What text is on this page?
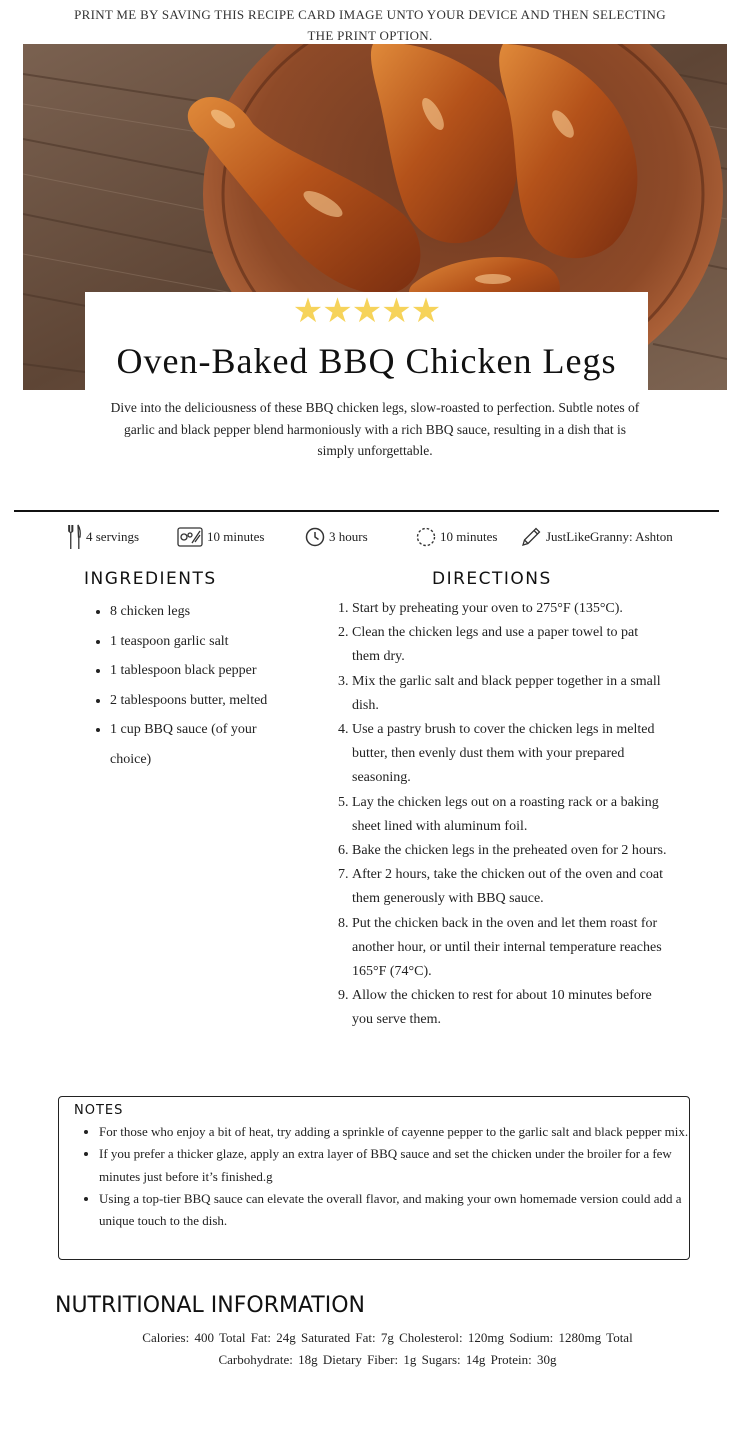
PRINT ME BY SAVING THIS RECIPE CARD IMAGE UNTO YOUR DEVICE AND THEN SELECTING THE PRINT OPTION.
★★★★★
Oven-Baked BBQ Chicken Legs
Dive into the deliciousness of these BBQ chicken legs, slow-roasted to perfection. Subtle notes of garlic and black pepper blend harmoniously with a rich BBQ sauce, resulting in a dish that is simply unforgettable.
4 servings	10 minutes	3 hours	10 minutes	JustLikeGranny: Ashton
INGREDIENTS
• 8 chicken legs
• 1 teaspoon garlic salt
• 1 tablespoon black pepper
• 2 tablespoons butter, melted
• 1 cup BBQ sauce (of your choice)
DIRECTIONS
1. Start by preheating your oven to 275°F (135°C).
2. Clean the chicken legs and use a paper towel to pat them dry.
3. Mix the garlic salt and black pepper together in a small dish.
4. Use a pastry brush to cover the chicken legs in melted butter, then evenly dust them with your prepared seasoning.
5. Lay the chicken legs out on a roasting rack or a baking sheet lined with aluminum foil.
6. Bake the chicken legs in the preheated oven for 2 hours.
7. After 2 hours, take the chicken out of the oven and coat them generously with BBQ sauce.
8. Put the chicken back in the oven and let them roast for another hour, or until their internal temperature reaches 165°F (74°C).
9. Allow the chicken to rest for about 10 minutes before you serve them.
NOTES
• For those who enjoy a bit of heat, try adding a sprinkle of cayenne pepper to the garlic salt and black pepper mix.
• If you prefer a thicker glaze, apply an extra layer of BBQ sauce and set the chicken under the broiler for a few minutes just before it’s finished.g
• Using a top-tier BBQ sauce can elevate the overall flavor, and making your own homemade version could add a unique touch to the dish.
NUTRITIONAL INFORMATION
Calories: 400 Total Fat: 24g Saturated Fat: 7g Cholesterol: 120mg Sodium: 1280mg Total Carbohydrate: 18g Dietary Fiber: 1g Sugars: 14g Protein: 30g
